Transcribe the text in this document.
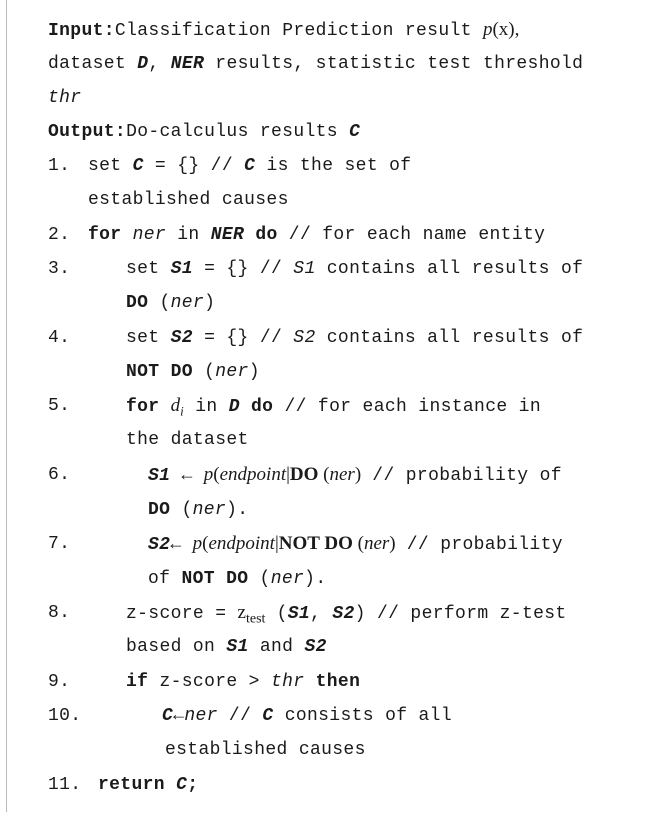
Input:Classification Prediction result p(x),
dataset D, NER results, statistic test threshold
thr
Output:Do-calculus results C
1. set C = {} // C is the set of
established causes
2. for ner in NER do // for each name entity
3.	set S1 = {} // S1 contains all results of
DO (ner)
4.	set S2 = {} // S2 contains all results of
NOT DO (ner)
5.	for $d_i$ in D do // for each instance in
the dataset
6.	S1 ← p(endpoint|DO (ner) // probability of
DO (ner).
7.	S2← p(endpoint|NOT DO (ner) // probability
of NOT DO (ner).
8.	z-score = $z_{test}$ (S1, S2) // perform z-test
based on S1 and S2
9.	if z-score > thr then
10.	C←ner // C consists of all
established causes
11. return C;
